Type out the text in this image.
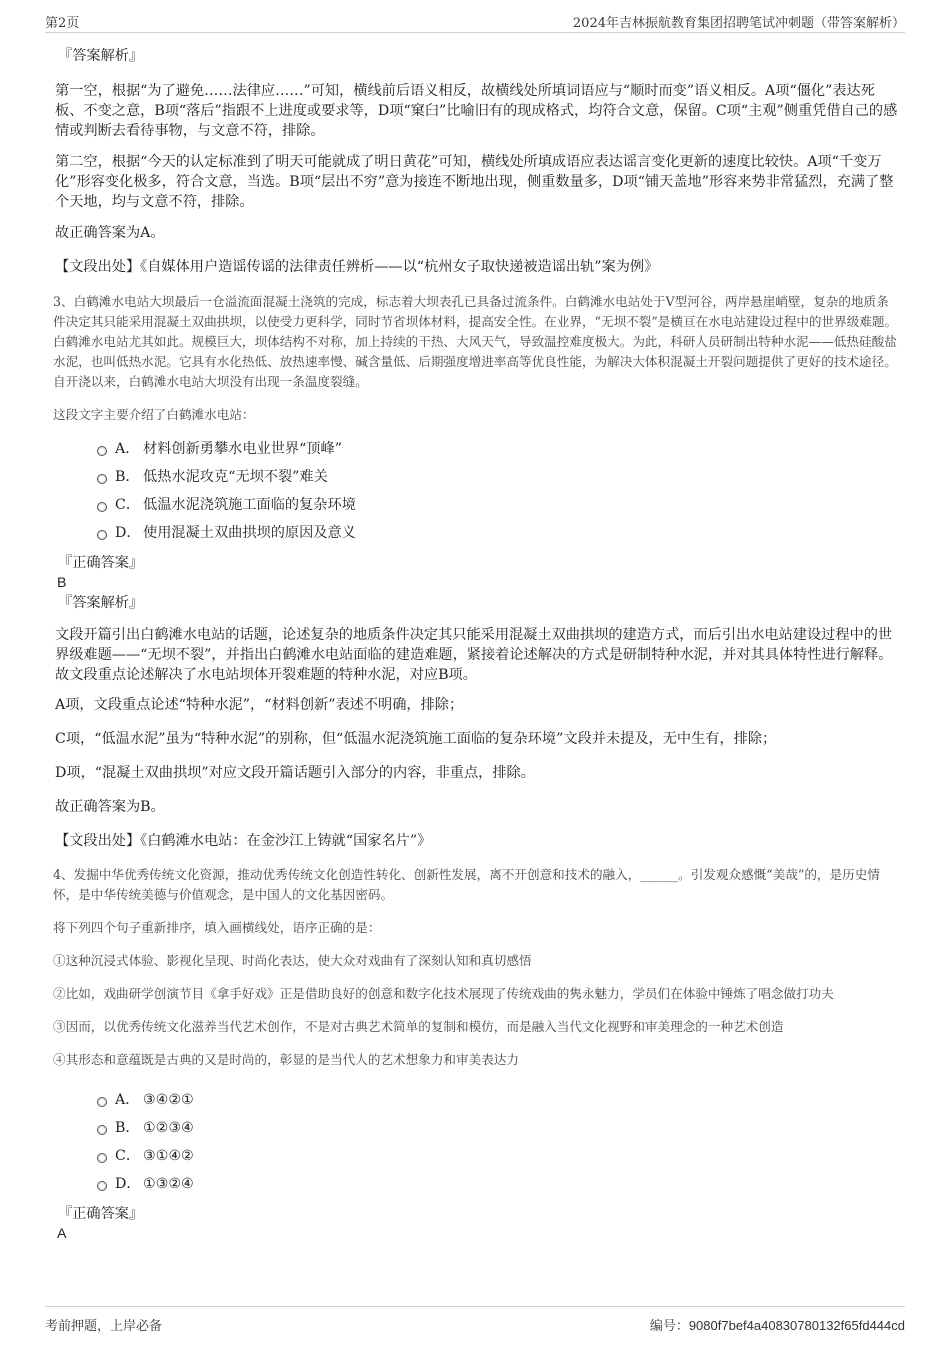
第2页	2024年吉林振航教育集团招聘笔试冲刺题（带答案解析）

『答案解析』

第一空，根据“为了避免……法律应……”可知，横线前后语义相反，故横线处所填词语应与“顺时而变”语义相反。A项“僵化”表达死板、不变之意，B项“落后”指跟不上进度或要求等，D项“窠臼”比喻旧有的现成格式，均符合文意，保留。C项“主观”侧重凭借自己的感情或判断去看待事物，与文意不符，排除。

第二空，根据“今天的认定标准到了明天可能就成了明日黄花”可知，横线处所填成语应表达谣言变化更新的速度比较快。A项“千变万化”形容变化极多，符合文意，当选。B项“层出不穷”意为接连不断地出现，侧重数量多，D项“铺天盖地”形容来势非常猛烈，充满了整个天地，均与文意不符，排除。

故正确答案为A。

【文段出处】《自媒体用户造谣传谣的法律责任辨析——以“杭州女子取快递被造谣出轨”案为例》

3、白鹤滩水电站大坝最后一仓溢流面混凝土浇筑的完成，标志着大坝表孔已具备过流条件。白鹤滩水电站处于V型河谷，两岸悬崖峭壁，复杂的地质条件决定其只能采用混凝土双曲拱坝，以使受力更科学，同时节省坝体材料，提高安全性。在业界，“无坝不裂”是横亘在水电站建设过程中的世界级难题。白鹤滩水电站尤其如此。规模巨大，坝体结构不对称，加上持续的干热、大风天气，导致温控难度极大。为此，科研人员研制出特种水泥——低热硅酸盐水泥，也叫低热水泥。它具有水化热低、放热速率慢、碱含量低、后期强度增进率高等优良性能，为解决大体积混凝土开裂问题提供了更好的技术途径。自开浇以来，白鹤滩水电站大坝没有出现一条温度裂缝。

这段文字主要介绍了白鹤滩水电站：

A． 材料创新勇攀水电业世界“顶峰”
B． 低热水泥攻克“无坝不裂”难关
C． 低温水泥浇筑施工面临的复杂环境
D． 使用混凝土双曲拱坝的原因及意义

『正确答案』

B

『答案解析』

文段开篇引出白鹤滩水电站的话题，论述复杂的地质条件决定其只能采用混凝土双曲拱坝的建造方式，而后引出水电站建设过程中的世界级难题——“无坝不裂”，并指出白鹤滩水电站面临的建造难题，紧接着论述解决的方式是研制特种水泥，并对其具体特性进行解释。故文段重点论述解决了水电站坝体开裂难题的特种水泥，对应B项。

A项，文段重点论述“特种水泥”，“材料创新”表述不明确，排除；

C项，“低温水泥”虽为“特种水泥”的别称，但“低温水泥浇筑施工面临的复杂环境”文段并未提及，无中生有，排除；

D项，“混凝土双曲拱坝”对应文段开篇话题引入部分的内容，非重点，排除。

故正确答案为B。

【文段出处】《白鹤滩水电站：在金沙江上铸就“国家名片”》

4、发掘中华优秀传统文化资源，推动优秀传统文化创造性转化、创新性发展，离不开创意和技术的融入，______。引发观众感慨“美哉”的，是历史情怀，是中华传统美德与价值观念，是中国人的文化基因密码。

将下列四个句子重新排序，填入画横线处，语序正确的是：

①这种沉浸式体验、影视化呈现、时尚化表达，使大众对戏曲有了深刻认知和真切感悟

②比如，戏曲研学创演节目《拿手好戏》正是借助良好的创意和数字化技术展现了传统戏曲的隽永魅力，学员们在体验中锤炼了唱念做打功夫

③因而，以优秀传统文化滋养当代艺术创作，不是对古典艺术简单的复制和模仿，而是融入当代文化视野和审美理念的一种艺术创造

④其形态和意蕴既是古典的又是时尚的，彰显的是当代人的艺术想象力和审美表达力

A． ③④②①
B． ①②③④
C． ③①④②
D． ①③②④

『正确答案』

A

考前押题，上岸必备	编号：9080f7bef4a40830780132f65fd444cd
